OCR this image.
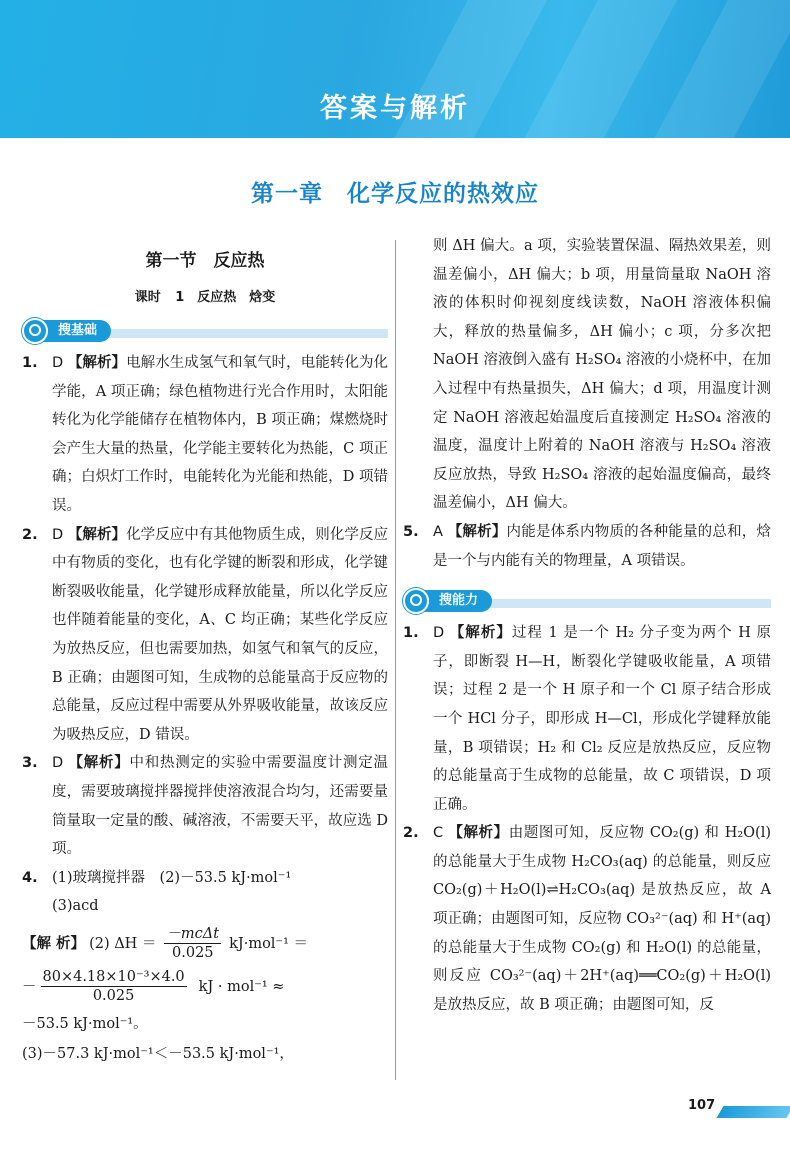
答案与解析
第一章　化学反应的热效应
第一节　反应热
课时 1　反应热　焓变
搜基础

1. D 【解析】电解水生成氢气和氧气时，电能转化为化学能，A 项正确；绿色植物进行光合作用时，太阳能转化为化学能储存在植物体内，B 项正确；煤燃烧时会产生大量的热量，化学能主要转化为热能，C 项正确；白炽灯工作时，电能转化为光能和热能，D 项错误。

2. D 【解析】化学反应中有其他物质生成，则化学反应中有物质的变化，也有化学键的断裂和形成，化学键断裂吸收能量，化学键形成释放能量，所以化学反应也伴随着能量的变化，A、C 均正确；某些化学反应为放热反应，但也需要加热，如氢气和氧气的反应，B 正确；由题图可知，生成物的总能量高于反应物的总能量，反应过程中需要从外界吸收能量，故该反应为吸热反应，D 错误。

3. D 【解析】中和热测定的实验中需要温度计测定温度，需要玻璃搅拌器搅拌使溶液混合均匀，还需要量筒量取一定量的酸、碱溶液，不需要天平，故应选 D 项。

4. (1)玻璃搅拌器　(2)－53.5 kJ·mol⁻¹
(3)acd
【解 析】 (2) ΔH ＝
－mcΔt
0.025
kJ·mol⁻¹ ＝
－ $\frac{\text{80×4.18×10⁻³×4.0}}{0.025}$ kJ · mol⁻¹ ≈
－53.5 kJ·mol⁻¹。
(3)－57.3 kJ·mol⁻¹＜－53.5 kJ·mol⁻¹，

则 ΔH 偏大。a 项，实验装置保温、隔热效果差，则温差偏小，ΔH 偏大；b 项，用量筒量取 NaOH 溶液的体积时仰视刻度线读数，NaOH 溶液体积偏大，释放的热量偏多，ΔH 偏小；c 项，分多次把 NaOH 溶液倒入盛有 H₂SO₄ 溶液的小烧杯中，在加入过程中有热量损失，ΔH 偏大；d 项，用温度计测定 NaOH 溶液起始温度后直接测定 H₂SO₄ 溶液的温度，温度计上附着的 NaOH 溶液与 H₂SO₄ 溶液反应放热，导致 H₂SO₄ 溶液的起始温度偏高，最终温差偏小，ΔH 偏大。

5. A 【解析】内能是体系内物质的各种能量的总和，焓是一个与内能有关的物理量，A 项错误。

搜能力

1. D 【解析】过程 1 是一个 H₂ 分子变为两个 H 原子，即断裂 H—H，断裂化学键吸收能量，A 项错误；过程 2 是一个 H 原子和一个 Cl 原子结合形成一个 HCl 分子，即形成 H—Cl，形成化学键释放能量，B 项错误；H₂ 和 Cl₂ 反应是放热反应，反应物的总能量高于生成物的总能量，故 C 项错误，D 项正确。

2. C 【解析】由题图可知，反应物 CO₂(g) 和 H₂O(l) 的总能量大于生成物 H₂CO₃(aq) 的总能量，则反应 CO₂(g)＋H₂O(l)⇌H₂CO₃(aq) 是放热反应，故 A 项正确；由题图可知，反应物 CO₃²⁻(aq) 和 H⁺(aq) 的总能量大于生成物 CO₂(g) 和 H₂O(l) 的总能量，则反应 CO₃²⁻(aq)＋2H⁺(aq)══CO₂(g)＋H₂O(l) 是放热反应，故 B 项正确；由题图可知，反

107
